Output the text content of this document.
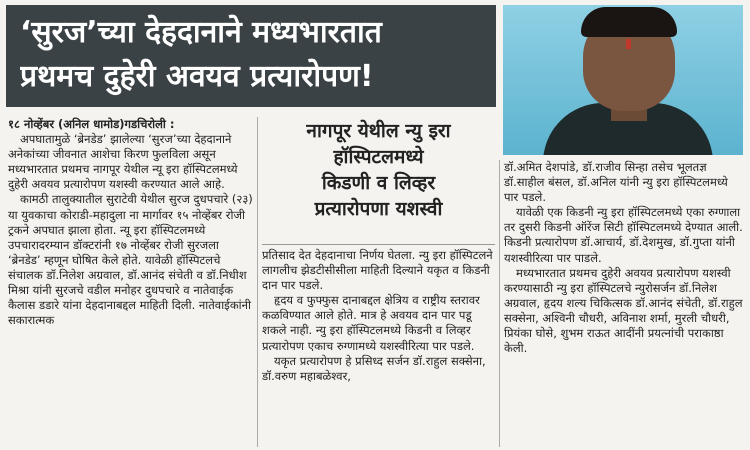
‘सुरज’च्या देहदानाने मध्यभारतात
प्रथमच दुहेरी अवयव प्रत्यारोपण!

१८ नोव्हेंबर (अनिल धामोड)गडचिरोली :

अपघातामुळे ‘ब्रेनडेड’ झालेल्या ‘सुरज’च्या देहदानाने अनेकांच्या जीवनात आशेचा किरण फुलविला असून मध्यभारतात प्रथमच नागपूर येथील न्यू इरा हॉस्पिटलमध्ये दुहेरी अवयव प्रत्यारोपण यशस्वी करण्यात आले आहे.

कामठी तालुक्यातील सुराटेवी येथील सुरज दुधपचारे (२३) या युवकाचा कोराडी-महादुला ना मार्गावर १५ नोव्हेंबर रोजी ट्रकने अपघात झाला होता. न्यू इरा हॉस्पिटलमध्ये उपचारादरम्यान डॉक्टरांनी १७ नोव्हेंबर रोजी सुरजला ‘ब्रेनडेड’ म्हणून घोषित केले होते. यावेळी हॉस्पिटलचे संचालक डॉ.निलेश अग्रवाल, डॉ.आनंद संचेती व डॉ.निधीश मिश्रा यांनी सुरजचे वडील मनोहर दुधपचारे व नातेवाईक कैलास डडारे यांना देहदानाबद्दल माहिती दिली. नातेवाईकांनी सकारात्मक

नागपूर येथील न्यु इरा
हॉस्पिटलमध्ये
किडणी व लिव्हर
प्रत्यारोपणा यशस्वी

प्रतिसाद देत देहदानाचा निर्णय घेतला. न्यु इरा हॉस्पिटलने लागलीच झेडटीसीसीला माहिती दिल्याने यकृत व किडनी दान पार पडले.

हृदय व फुफ्फुस दानाबद्दल क्षेत्रिय व राष्ट्रीय स्तरावर कळविण्यात आले होते. मात्र हे अवयव दान पार पडू शकले नाही. न्यु इरा हॉस्पिटलमध्ये किडनी व लिव्हर प्रत्यारोपण एकाच रुग्णामध्ये यशस्वीरित्या पार पडले.

यकृत प्रत्यारोपण हे प्रसिध्द सर्जन डॉ.राहुल सक्सेना, डॉ.वरुण महाबळेश्वर,

डॉ.अमित देशपांडे, डॉ.राजीव सिन्हा तसेच भूलतज्ञ डॉ.साहील बंसल, डॉ.अनिल यांनी न्यु इरा हॉस्पिटलमध्ये पार पडले.

यावेळी एक किडनी न्यु इरा हॉस्पिटलमध्ये एका रुग्णाला तर दुसरी किडनी ऑरेंज सिटी हॉस्पिटलमध्ये देण्यात आली. किडनी प्रत्यारोपण डॉ.आचार्य, डॉ.देशमुख, डॉ.गुप्ता यांनी यशस्वीरित्या पार पाडले.

मध्यभारतात प्रथमच दुहेरी अवयव प्रत्यारोपण यशस्वी करण्यासाठी न्यु इरा हॉस्पिटलचे न्युरोसर्जन डॉ.निलेश अग्रवाल, हृदय शल्य चिकित्सक डॉ.आनंद संचेती, डॉ.राहुल सक्सेना, अश्विनी चौधरी, अविनाश शर्मा, मुरली चौधरी, प्रियंका घोसे, शुभम राऊत आदींनी प्रयत्नांची पराकाष्ठा केली.
